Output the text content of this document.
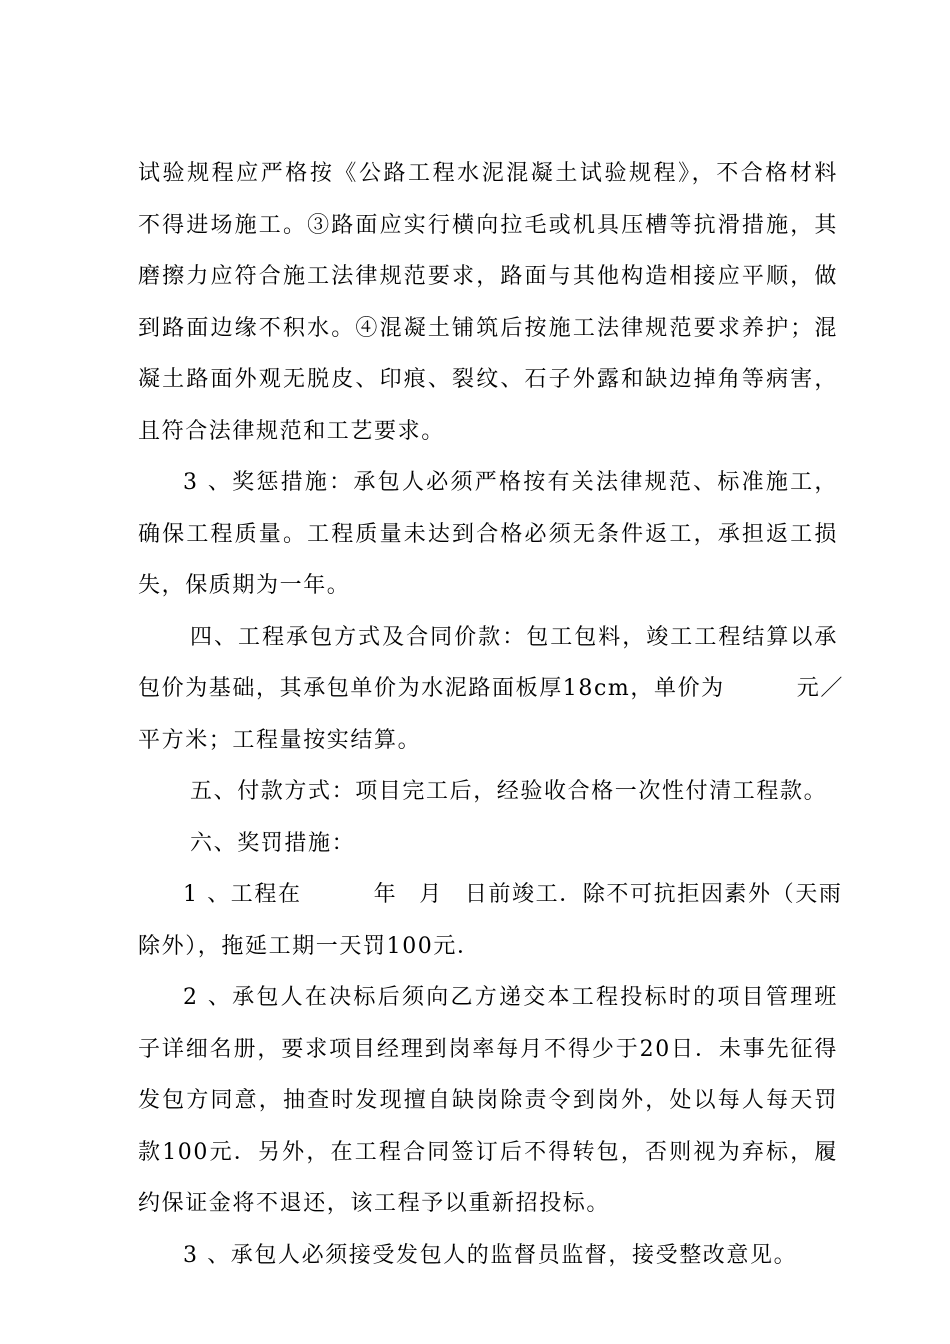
试验规程应严格按《公路工程水泥混凝土试验规程》，不合格材料
不得进场施工。③路面应实行横向拉毛或机具压槽等抗滑措施，其
磨擦力应符合施工法律规范要求，路面与其他构造相接应平顺，做
到路面边缘不积水。④混凝土铺筑后按施工法律规范要求养护；混
凝土路面外观无脱皮、印痕、裂纹、石子外露和缺边掉角等病害，
且符合法律规范和工艺要求。
3 、奖惩措施：承包人必须严格按有关法律规范、标准施工，
确保工程质量。工程质量未达到合格必须无条件返工，承担返工损
失，保质期为一年。
四、工程承包方式及合同价款：包工包料，竣工工程结算以承
包价为基础，其承包单价为水泥路面板厚18cm，单价为	元／
平方米；工程量按实结算。
五、付款方式：项目完工后，经验收合格一次性付清工程款。
六、奖罚措施：
1 、工程在	年 月 日前竣工．除不可抗拒因素外（天雨
除外），拖延工期一天罚100元．
2 、承包人在决标后须向乙方递交本工程投标时的项目管理班
子详细名册，要求项目经理到岗率每月不得少于20日．未事先征得
发包方同意，抽查时发现擅自缺岗除责令到岗外，处以每人每天罚
款100元．另外，在工程合同签订后不得转包，否则视为弃标，履
约保证金将不退还，该工程予以重新招投标。
3 、承包人必须接受发包人的监督员监督，接受整改意见。
